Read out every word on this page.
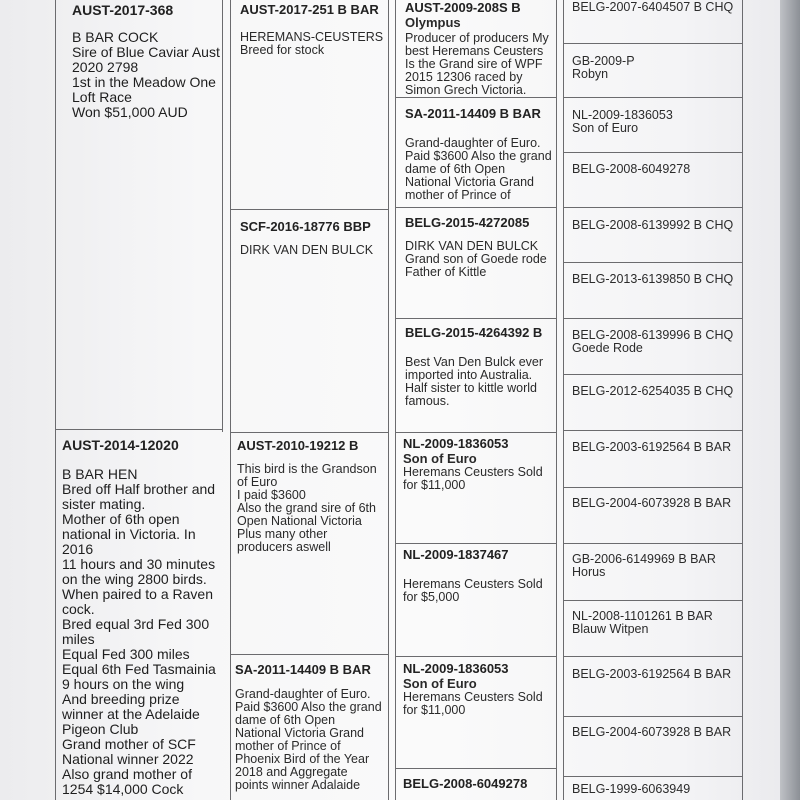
AUST-2017-368
B BAR COCK
Sire of Blue Caviar Aust 2020 2798
1st in the Meadow One
Loft Race
Won $51,000 AUD
AUST-2014-12020
B BAR HEN
Bred off Half brother and
sister mating.
Mother of 6th open
national in Victoria. In
2016
11 hours and 30 minutes
on the wing 2800 birds.
When paired to a Raven
cock.
Bred equal 3rd Fed 300
miles
Equal Fed 300 miles
Equal 6th Fed Tasmainia
9 hours on the wing
And breeding prize
winner at the Adelaide
Pigeon Club
Grand mother of SCF
National winner 2022
Also grand mother of
1254 $14,000 Cock
AUST-2017-251 B BAR
HEREMANS-CEUSTERS
Breed for stock
SCF-2016-18776 BBP
DIRK VAN DEN BULCK
AUST-2010-19212 B
This bird is the Grandson
of Euro
I paid $3600
Also the grand sire of 6th
Open National Victoria
Plus many other
producers aswell
SA-2011-14409 B BAR
Grand-daughter of Euro.
Paid $3600 Also the grand
dame of 6th Open
National Victoria Grand
mother of Prince of
Phoenix Bird of the Year
2018 and Aggregate
points winner Adalaide
AUST-2009-208S B
Olympus
Producer of producers My
best Heremans Ceusters
Is the Grand sire of WPF
2015 12306 raced by
Simon Grech Victoria.
SA-2011-14409 B BAR
Grand-daughter of Euro.
Paid $3600 Also the grand
dame of 6th Open
National Victoria Grand
mother of Prince of
BELG-2015-4272085
DIRK VAN DEN BULCK
Grand son of Goede rode
Father of Kittle
BELG-2015-4264392 B
Best Van Den Bulck ever
imported into Australia.
Half sister to kittle world
famous.
NL-2009-1836053
Son of Euro
Heremans Ceusters Sold
for $11,000
NL-2009-1837467
Heremans Ceusters Sold
for $5,000
NL-2009-1836053
Son of Euro
Heremans Ceusters Sold
for $11,000
BELG-2008-6049278
BELG-2007-6404507 B CHQ
GB-2009-P
Robyn
NL-2009-1836053
Son of Euro
BELG-2008-6049278
BELG-2008-6139992 B CHQ
BELG-2013-6139850 B CHQ
BELG-2008-6139996 B CHQ
Goede Rode
BELG-2012-6254035 B CHQ
BELG-2003-6192564 B BAR
BELG-2004-6073928 B BAR
GB-2006-6149969 B BAR
Horus
NL-2008-1101261 B BAR
Blauw Witpen
BELG-2003-6192564 B BAR
BELG-2004-6073928 B BAR
BELG-1999-6063949
